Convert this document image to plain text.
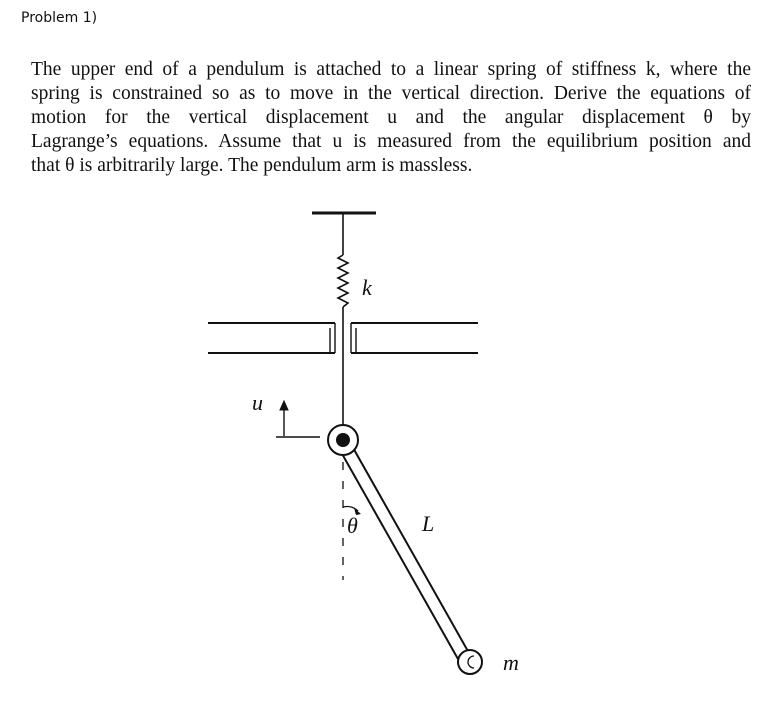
Problem 1)
The upper end of a pendulum is attached to a linear spring of stiffness k, where the
spring is constrained so as to move in the vertical direction. Derive the equations of
motion for the vertical displacement u and the angular displacement θ by
Lagrange’s equations. Assume that u is measured from the equilibrium position and
that θ is arbitrarily large. The pendulum arm is massless.
k
u
θ	L
m
